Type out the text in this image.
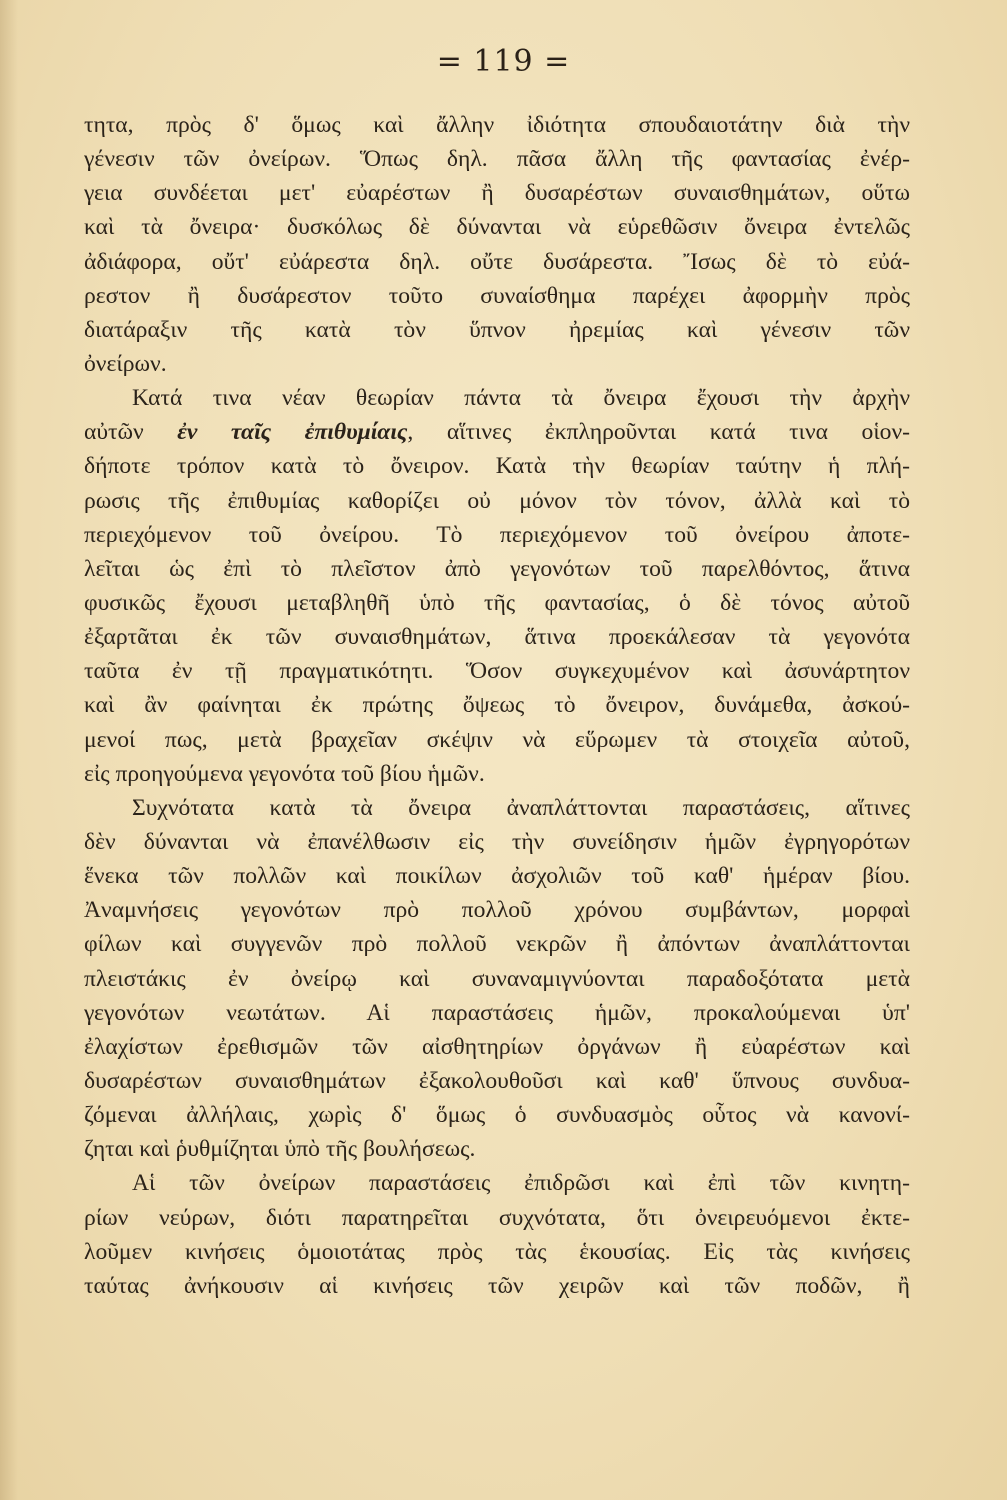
= 119 =
τητα, πρὸς δ' ὅμως καὶ ἄλλην ἰδιότητα σπουδαιοτάτην διὰ τὴν
γένεσιν τῶν ὀνείρων. Ὅπως δηλ. πᾶσα ἄλλη τῆς φαντασίας ἐνέρ-
γεια συνδέεται μετ' εὐαρέστων ἢ δυσαρέστων συναισθημάτων, οὕτω
καὶ τὰ ὄνειρα· δυσκόλως δὲ δύνανται νὰ εὑρεθῶσιν ὄνειρα ἐντελῶς
ἀδιάφορα, οὔτ' εὐάρεστα δηλ. οὔτε δυσάρεστα. Ἴσως δὲ τὸ εὐά-
ρεστον ἢ δυσάρεστον τοῦτο συναίσθημα παρέχει ἀφορμὴν πρὸς
διατάραξιν τῆς κατὰ τὸν ὕπνον ἠρεμίας καὶ γένεσιν τῶν
ὀνείρων.
Κατά τινα νέαν θεωρίαν πάντα τὰ ὄνειρα ἔχουσι τὴν ἀρχὴν
αὐτῶν ἐν ταῖς ἐπιθυμίαις, αἵτινες ἐκπληροῦνται κατά τινα οἱον-
δήποτε τρόπον κατὰ τὸ ὄνειρον. Κατὰ τὴν θεωρίαν ταύτην ἡ πλή-
ρωσις τῆς ἐπιθυμίας καθορίζει οὐ μόνον τὸν τόνον, ἀλλὰ καὶ τὸ
περιεχόμενον τοῦ ὀνείρου. Τὸ περιεχόμενον τοῦ ὀνείρου ἀποτε-
λεῖται ὡς ἐπὶ τὸ πλεῖστον ἀπὸ γεγονότων τοῦ παρελθόντος, ἅτινα
φυσικῶς ἔχουσι μεταβληθῆ ὑπὸ τῆς φαντασίας, ὁ δὲ τόνος αὐτοῦ
ἐξαρτᾶται ἐκ τῶν συναισθημάτων, ἅτινα προεκάλεσαν τὰ γεγονότα
ταῦτα ἐν τῇ πραγματικότητι. Ὅσον συγκεχυμένον καὶ ἀσυνάρτητον
καὶ ἂν φαίνηται ἐκ πρώτης ὄψεως τὸ ὄνειρον, δυνάμεθα, ἀσκού-
μενοί πως, μετὰ βραχεῖαν σκέψιν νὰ εὕρωμεν τὰ στοιχεῖα αὐτοῦ,
εἰς προηγούμενα γεγονότα τοῦ βίου ἡμῶν.
Συχνότατα κατὰ τὰ ὄνειρα ἀναπλάττονται παραστάσεις, αἵτινες
δὲν δύνανται νὰ ἐπανέλθωσιν εἰς τὴν συνείδησιν ἡμῶν ἐγρηγορότων
ἕνεκα τῶν πολλῶν καὶ ποικίλων ἀσχολιῶν τοῦ καθ' ἡμέραν βίου.
Ἀναμνήσεις γεγονότων πρὸ πολλοῦ χρόνου συμβάντων, μορφαὶ
φίλων καὶ συγγενῶν πρὸ πολλοῦ νεκρῶν ἢ ἀπόντων ἀναπλάττονται
πλειστάκις ἐν ὀνείρῳ καὶ συναναμιγνύονται παραδοξότατα μετὰ
γεγονότων νεωτάτων. Αἱ παραστάσεις ἡμῶν, προκαλούμεναι ὑπ'
ἐλαχίστων ἐρεθισμῶν τῶν αἰσθητηρίων ὀργάνων ἢ εὐαρέστων καὶ
δυσαρέστων συναισθημάτων ἐξακολουθοῦσι καὶ καθ' ὕπνους συνδυα-
ζόμεναι ἀλλήλαις, χωρὶς δ' ὅμως ὁ συνδυασμὸς οὗτος νὰ κανονί-
ζηται καὶ ῥυθμίζηται ὑπὸ τῆς βουλήσεως.
Αἱ τῶν ὀνείρων παραστάσεις ἐπιδρῶσι καὶ ἐπὶ τῶν κινητη-
ρίων νεύρων, διότι παρατηρεῖται συχνότατα, ὅτι ὀνειρευόμενοι ἐκτε-
λοῦμεν κινήσεις ὁμοιοτάτας πρὸς τὰς ἑκουσίας. Εἰς τὰς κινήσεις
ταύτας ἀνήκουσιν αἱ κινήσεις τῶν χειρῶν καὶ τῶν ποδῶν, ἢ
